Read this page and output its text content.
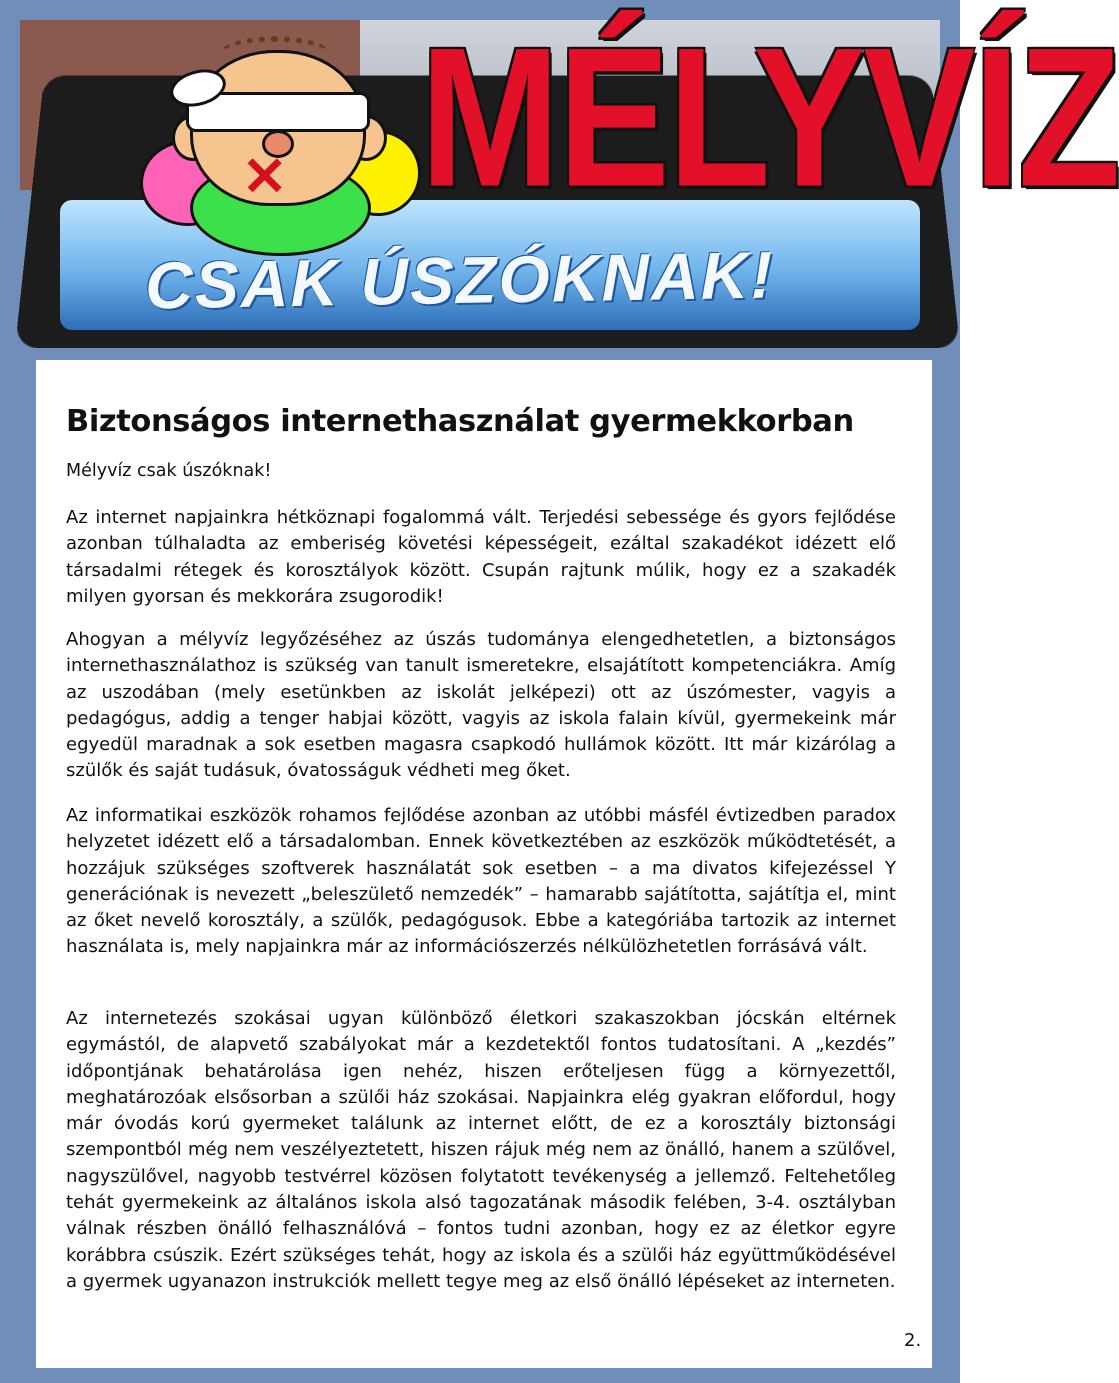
✕ MÉLYVÍZ
CSAK ÚSZÓKNAK!
Biztonságos internethasználat gyermekkorban

Mélyvíz csak úszóknak!

Az internet napjainkra hétköznapi fogalommá vált. Terjedési sebessége és gyors fejlődése azonban túlhaladta az emberiség követési képességeit, ezáltal szakadékot idézett elő társadalmi rétegek és korosztályok között. Csupán rajtunk múlik, hogy ez a szakadék milyen gyorsan és mekkorára zsugorodik!

Ahogyan a mélyvíz legyőzéséhez az úszás tudománya elengedhetetlen, a biztonságos internethasználathoz is szükség van tanult ismeretekre, elsajátított kompetenciákra. Amíg az uszodában (mely esetünkben az iskolát jelképezi) ott az úszómester, vagyis a pedagógus, addig a tenger habjai között, vagyis az iskola falain kívül, gyermekeink már egyedül maradnak a sok esetben magasra csapkodó hullámok között. Itt már kizárólag a szülők és saját tudásuk, óvatosságuk védheti meg őket.

Az informatikai eszközök rohamos fejlődése azonban az utóbbi másfél évtizedben paradox helyzetet idézett elő a társadalomban. Ennek következtében az eszközök működtetését, a hozzájuk szükséges szoftverek használatát sok esetben – a ma divatos kifejezéssel Y generációnak is nevezett „beleszülető nemzedék” – hamarabb sajátította, sajátítja el, mint az őket nevelő korosztály, a szülők, pedagógusok. Ebbe a kategóriába tartozik az internet használata is, mely napjainkra már az információszerzés nélkülözhetetlen forrásává vált.

Az internetezés szokásai ugyan különböző életkori szakaszokban jócskán eltérnek egymástól, de alapvető szabályokat már a kezdetektől fontos tudatosítani. A „kezdés” időpontjának behatárolása igen nehéz, hiszen erőteljesen függ a környezettől, meghatározóak elsősorban a szülői ház szokásai. Napjainkra elég gyakran előfordul, hogy már óvodás korú gyermeket találunk az internet előtt, de ez a korosztály biztonsági szempontból még nem veszélyeztetett, hiszen rájuk még nem az önálló, hanem a szülővel, nagyszülővel, nagyobb testvérrel közösen folytatott tevékenység a jellemző. Feltehetőleg tehát gyermekeink az általános iskola alsó tagozatának második felében, 3-4. osztályban válnak részben önálló felhasználóvá – fontos tudni azonban, hogy ez az életkor egyre korábbra csúszik. Ezért szükséges tehát, hogy az iskola és a szülői ház együttműködésével a gyermek ugyanazon instrukciók mellett tegye meg az első önálló lépéseket az interneten.

2.
